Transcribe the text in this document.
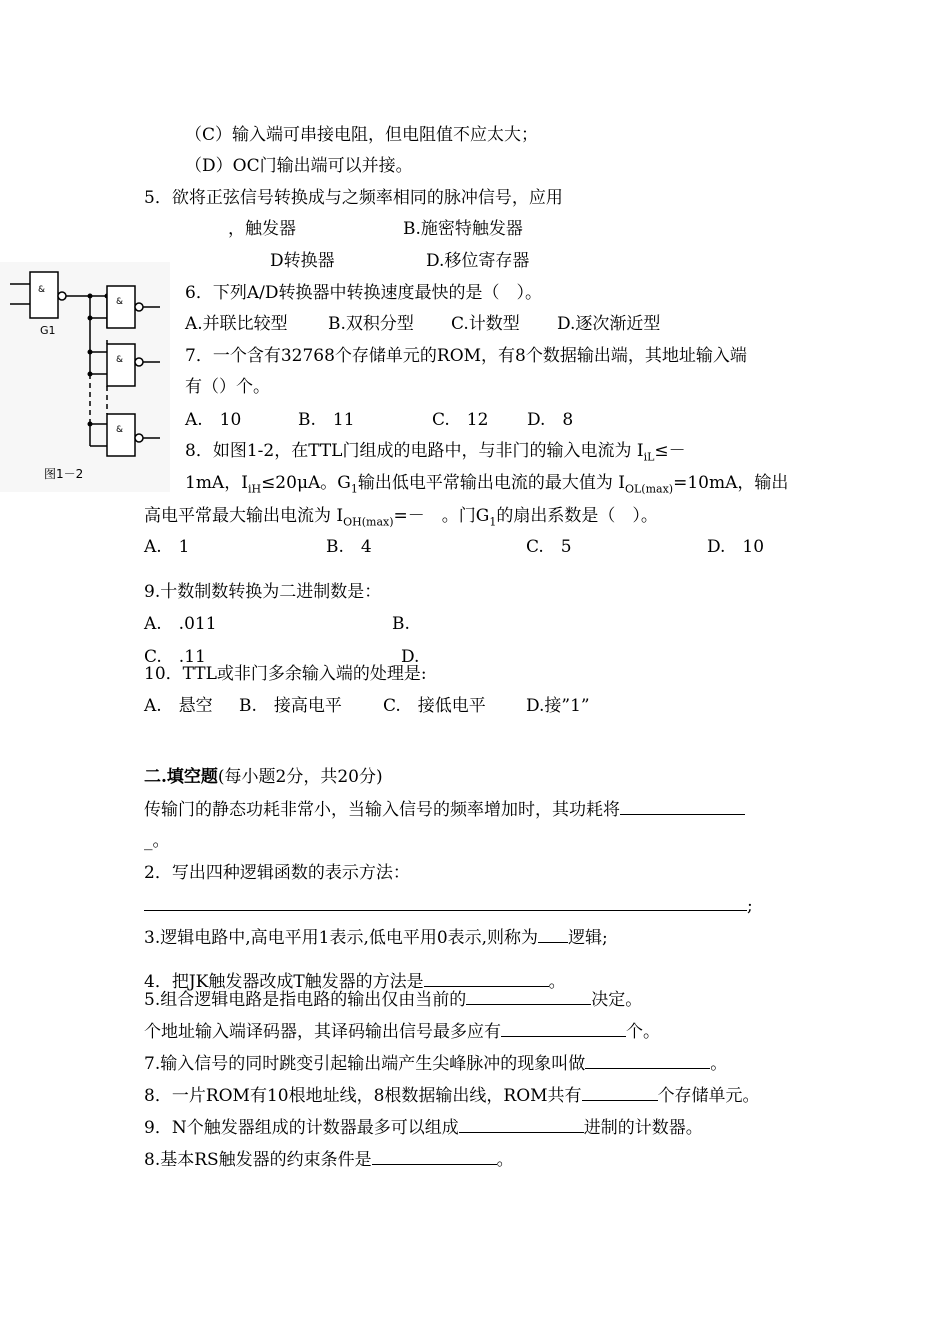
（C）输入端可串接电阻，但电阻值不应太大；
（D）OC门输出端可以并接。
5．欲将正弦信号转换成与之频率相同的脉冲信号，应用
，触发器	B.施密特触发器
D转换器	D.移位寄存器
&
G1
&
&
&
图1－2
6．下列A/D转换器中转换速度最快的是（　）。
A.并联比较型 B.双积分型 C.计数型 D.逐次渐近型
7．一个含有32768个存储单元的ROM，有8个数据输出端，其地址输入端
有（）个。
A.　10	B.　11	C.　12 D.　8
8．如图1-2，在TTL门组成的电路中，与非门的输入电流为 $I_{iL}\le-$
1mA，$I_{iH}\le 20\mu A$。$G_1$输出低电平常输出电流的最大值为 $I_{OL(max)}=10mA$，输出
高电平常最大输出电流为 $I_{OH(max)}=-$　。门$G_1$的扇出系数是（　）。
A.　1	B.　4	C.　5	D.　10
9.十数制数转换为二进制数是：
A.　.011	B.
C.　.11	D.
10．TTL或非门多余输入端的处理是:
A.　悬空 B.　接高电平 C.　接低电平 D.接”1”
二.填空题(每小题2分，共20分)
传输门的静态功耗非常小，当输入信号的频率增加时，其功耗将
_。
2．写出四种逻辑函数的表示方法：
;
3.逻辑电路中,高电平用1表示,低电平用0表示,则称为 逻辑;
4．把JK触发器改成T触发器的方法是	。
5.组合逻辑电路是指电路的输出仅由当前的	决定。
个地址输入端译码器，其译码输出信号最多应有	个。
7.输入信号的同时跳变引起输出端产生尖峰脉冲的现象叫做	。
8．一片ROM有10根地址线，8根数据输出线，ROM共有	个存储单元。
9．N个触发器组成的计数器最多可以组成	进制的计数器。
8.基本RS触发器的约束条件是	。
